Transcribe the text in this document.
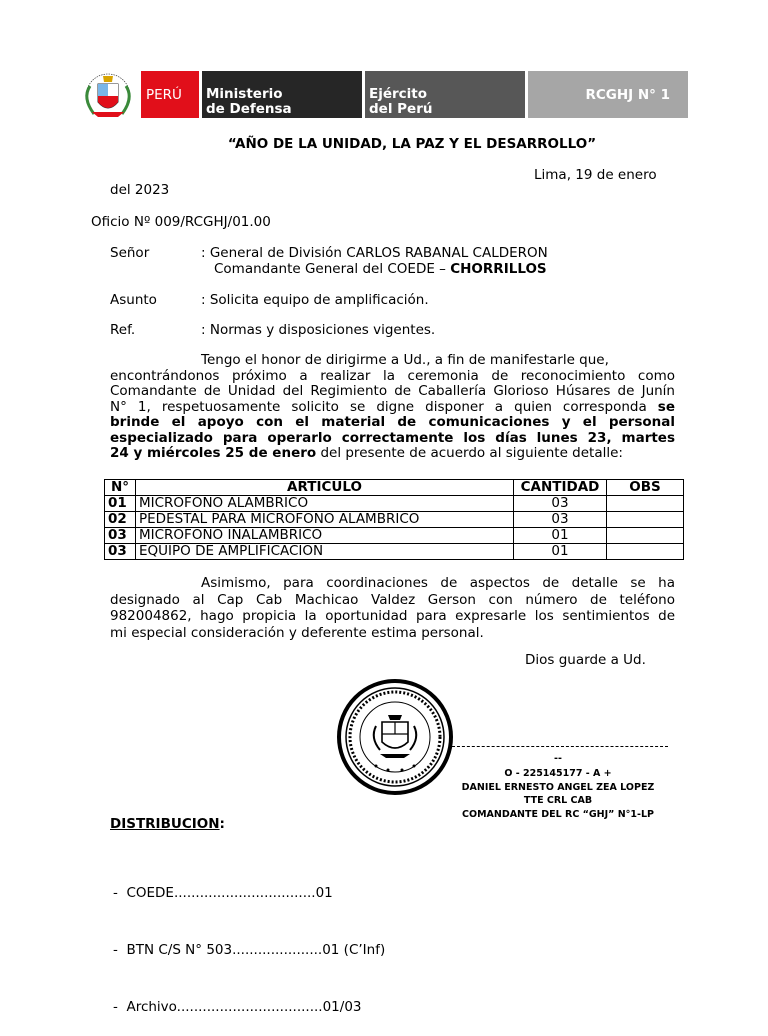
PERÚ	Ministerio
de Defensa
Ejército
del Perú
RCGHJ N° 1
“AÑO DE LA UNIDAD, LA PAZ Y EL DESARROLLO”
Lima, 19 de enero
del 2023
Oficio Nº 009/RCGHJ/01.00
Señor	: General de División CARLOS RABANAL CALDERON
Comandante General del COEDE – CHORRILLOS
Asunto	: Solicita equipo de amplificación.
Ref.	: Normas y disposiciones vigentes.
Tengo el honor de dirigirme a Ud., a fin de manifestarle que,
encontrándonos próximo a realizar la ceremonia de reconocimiento como
Comandante de Unidad del Regimiento de Caballería Glorioso Húsares de Junín
N° 1, respetuosamente solicito se digne disponer a quien corresponda se
brinde el apoyo con el material de comunicaciones y el personal
especializado para operarlo correctamente los días lunes 23, martes
24 y miércoles 25 de enero del presente de acuerdo al siguiente detalle:
N°	ARTICULO	CANTIDAD	OBS
01	MICROFONO ALAMBRICO	03	
02	PEDESTAL PARA MICROFONO ALAMBRICO	03	
03	MICROFONO INALAMBRICO	01	
03	EQUIPO DE AMPLIFICACION	01	
Asimismo, para coordinaciones de aspectos de detalle se ha
designado al Cap Cab Machicao Valdez Gerson con número de teléfono
982004862, hago propicia la oportunidad para expresarle los sentimientos de
mi especial consideración y deferente estima personal.
Dios guarde a Ud.
--
O - 225145177 - A +
DANIEL ERNESTO ANGEL ZEA LOPEZ
TTE CRL CAB
COMANDANTE DEL RC “GHJ” N°1-LP
DISTRIBUCION:

-  COEDE.................................01

-  BTN C/S N° 503.....................01 (C’Inf)

-  Archivo..................................01/03
